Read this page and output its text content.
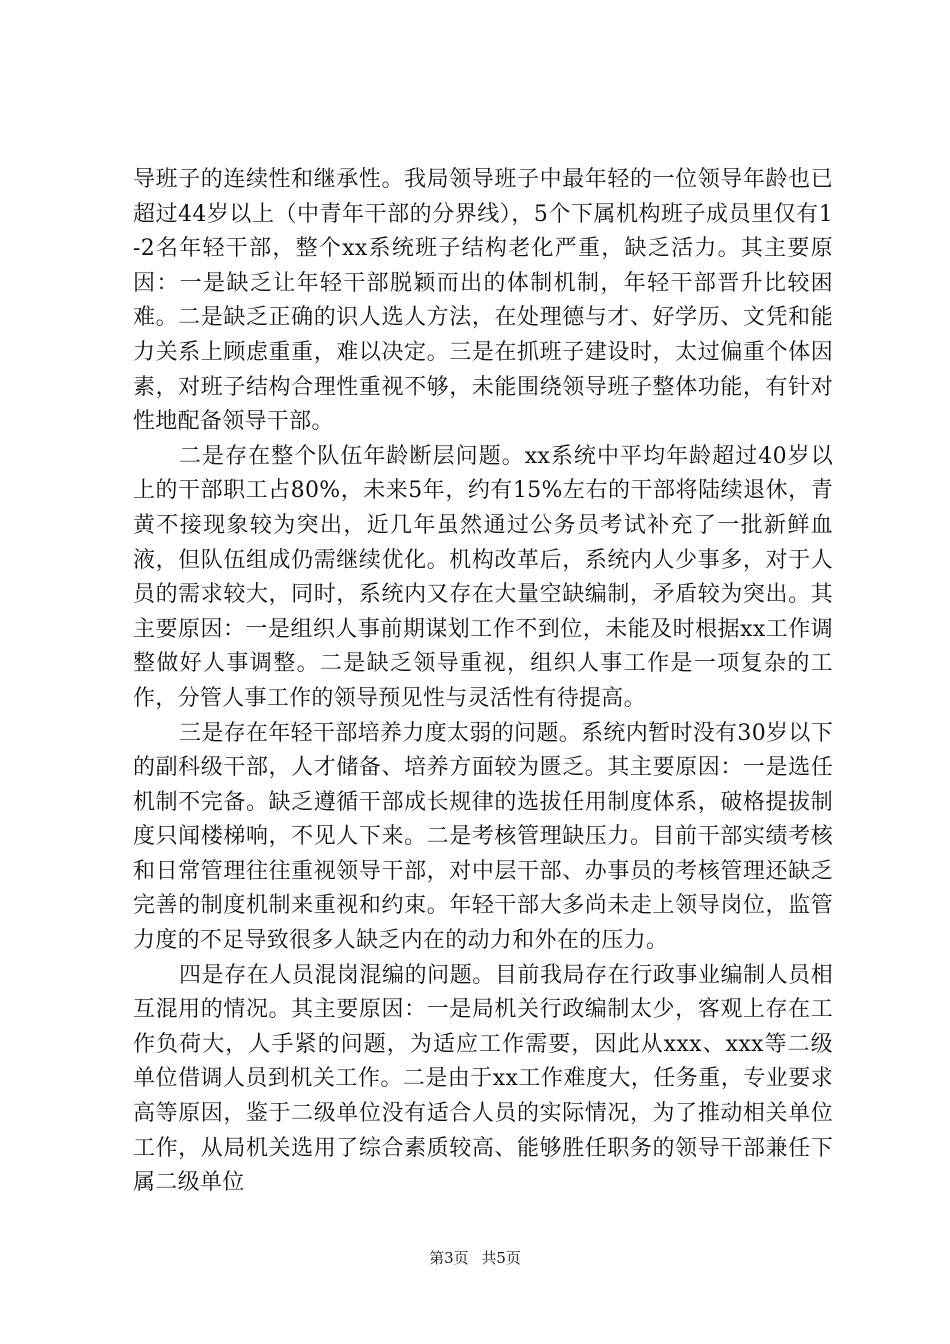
导班子的连续性和继承性。我局领导班子中最年轻的一位领导年龄也已超过44岁以上（中青年干部的分界线），5个下属机构班子成员里仅有1-2名年轻干部，整个xx系统班子结构老化严重，缺乏活力。其主要原因：一是缺乏让年轻干部脱颖而出的体制机制，年轻干部晋升比较困难。二是缺乏正确的识人选人方法，在处理德与才、好学历、文凭和能力关系上顾虑重重，难以决定。三是在抓班子建设时，太过偏重个体因素，对班子结构合理性重视不够，未能围绕领导班子整体功能，有针对性地配备领导干部。

二是存在整个队伍年龄断层问题。xx系统中平均年龄超过40岁以上的干部职工占80%，未来5年，约有15%左右的干部将陆续退休，青黄不接现象较为突出，近几年虽然通过公务员考试补充了一批新鲜血液，但队伍组成仍需继续优化。机构改革后，系统内人少事多，对于人员的需求较大，同时，系统内又存在大量空缺编制，矛盾较为突出。其主要原因：一是组织人事前期谋划工作不到位，未能及时根据xx工作调整做好人事调整。二是缺乏领导重视，组织人事工作是一项复杂的工作，分管人事工作的领导预见性与灵活性有待提高。

三是存在年轻干部培养力度太弱的问题。系统内暂时没有30岁以下的副科级干部，人才储备、培养方面较为匮乏。其主要原因：一是选任机制不完备。缺乏遵循干部成长规律的选拔任用制度体系，破格提拔制度只闻楼梯响，不见人下来。二是考核管理缺压力。目前干部实绩考核和日常管理往往重视领导干部，对中层干部、办事员的考核管理还缺乏完善的制度机制来重视和约束。年轻干部大多尚未走上领导岗位，监管力度的不足导致很多人缺乏内在的动力和外在的压力。

四是存在人员混岗混编的问题。目前我局存在行政事业编制人员相互混用的情况。其主要原因：一是局机关行政编制太少，客观上存在工作负荷大，人手紧的问题，为适应工作需要，因此从xxx、xxx等二级单位借调人员到机关工作。二是由于xx工作难度大，任务重，专业要求高等原因，鉴于二级单位没有适合人员的实际情况，为了推动相关单位工作，从局机关选用了综合素质较高、能够胜任职务的领导干部兼任下属二级单位

第3页 共5页
